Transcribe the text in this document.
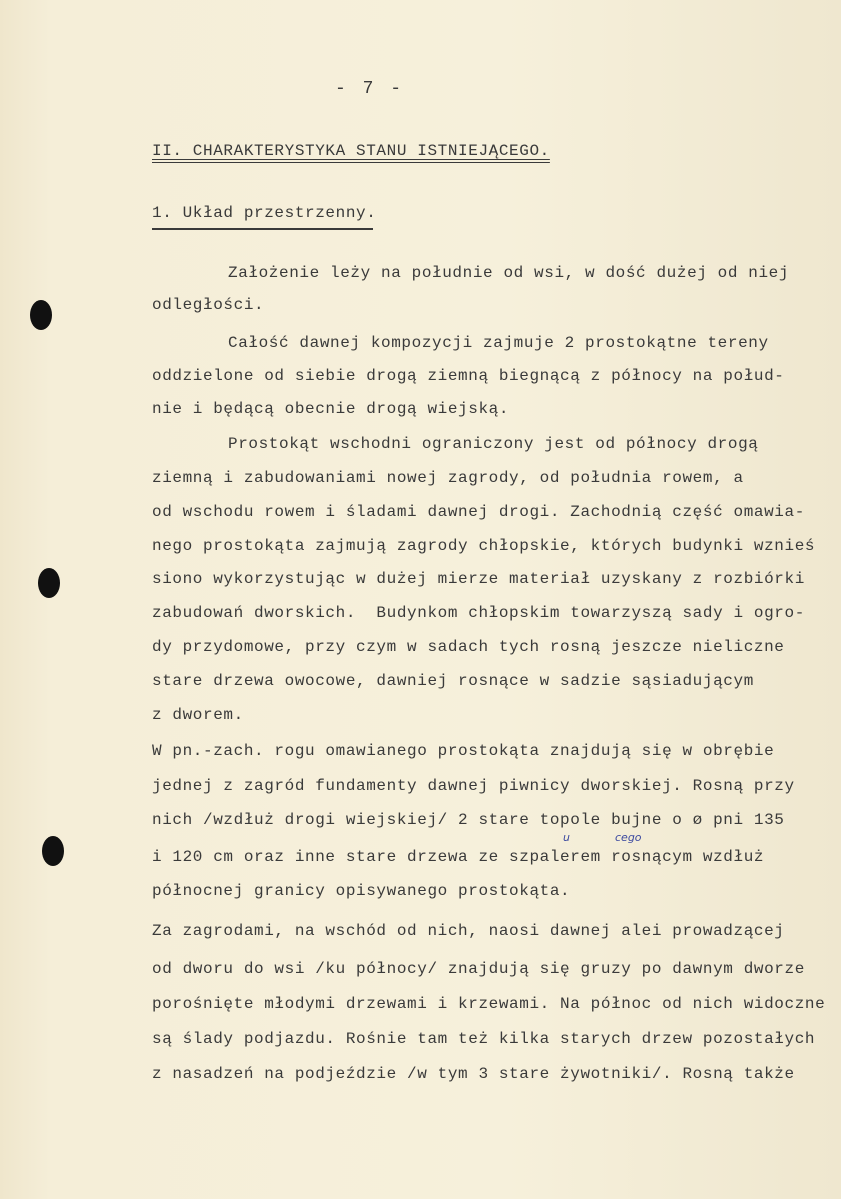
- 7 -
II. CHARAKTERYSTYKA STANU ISTNIEJĄCEGO.
1. Układ przestrzenny.
Założenie leży na południe od wsi, w dość dużej od niej
odległości.
Całość dawnej kompozycji zajmuje 2 prostokątne tereny
oddzielone od siebie drogą ziemną biegnącą z północy na połud-
nie i będącą obecnie drogą wiejską.
Prostokąt wschodni ograniczony jest od północy drogą
ziemną i zabudowaniami nowej zagrody, od południa rowem, a
od wschodu rowem i śladami dawnej drogi. Zachodnią część omawia-
nego prostokąta zajmują zagrody chłopskie, których budynki wznieś
siono wykorzystując w dużej mierze materiał uzyskany z rozbiórki
zabudowań dworskich.  Budynkom chłopskim towarzyszą sady i ogro-
dy przydomowe, przy czym w sadach tych rosną jeszcze nieliczne
stare drzewa owocowe, dawniej rosnące w sadzie sąsiadującym
z dworem.
W pn.-zach. rogu omawianego prostokąta znajdują się w obrębie
jednej z zagród fundamenty dawnej piwnicy dworskiej. Rosną przy
nich /wzdłuż drogi wiejskiej/ 2 stare topole bujne o ø pni 135
i 120 cm oraz inne stare drzewa ze szpalerem rosnącym wzdłuż
północnej granicy opisywanego prostokąta.
Za zagrodami, na wschód od nich, naosi dawnej alei prowadzącej
od dworu do wsi /ku północy/ znajdują się gruzy po dawnym dworze
porośnięte młodymi drzewami i krzewami. Na północ od nich widoczne
są ślady podjazdu. Rośnie tam też kilka starych drzew pozostałych
z nasadzeń na podjeździe /w tym 3 stare żywotniki/. Rosną także
u	cego
